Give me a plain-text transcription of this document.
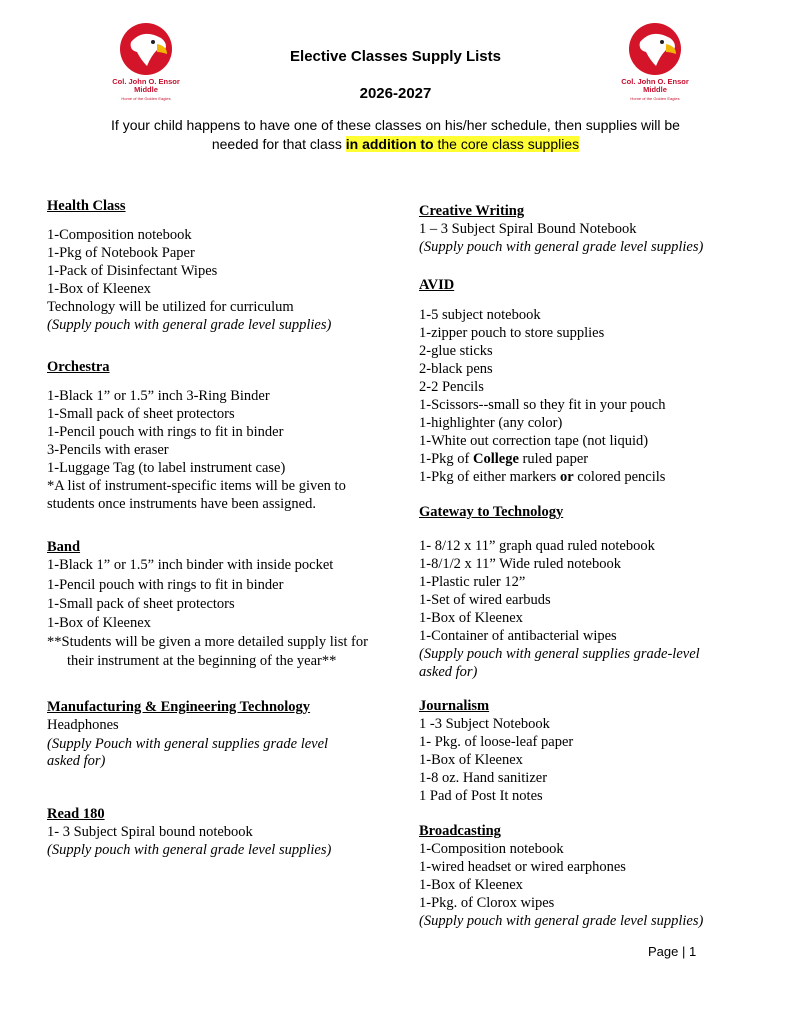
Col. John O. Ensor
Middle
Home of the Golden Eagles
Col. John O. Ensor
Middle
Home of the Golden Eagles
Elective Classes Supply Lists
2026-2027
If your child happens to have one of these classes on his/her schedule, then supplies will be
needed for that class in addition to the core class supplies
Health Class
1-Composition notebook
1-Pkg of Notebook Paper
1-Pack of Disinfectant Wipes
1-Box of Kleenex
Technology will be utilized for curriculum
(Supply pouch with general grade level supplies)
Orchestra
1-Black 1” or 1.5” inch 3-Ring Binder
1-Small pack of sheet protectors
1-Pencil pouch with rings to fit in binder
3-Pencils with eraser
1-Luggage Tag (to label instrument case)
*A list of instrument-specific items will be given to
students once instruments have been assigned.
Band
1-Black 1” or 1.5” inch binder with inside pocket
1-Pencil pouch with rings to fit in binder
1-Small pack of sheet protectors
1-Box of Kleenex
**Students will be given a more detailed supply list for
their instrument at the beginning of the year**
Manufacturing & Engineering Technology
Headphones
(Supply Pouch with general supplies grade level
asked for)
Read 180
1- 3 Subject Spiral bound notebook
(Supply pouch with general grade level supplies)
Creative Writing
1 – 3 Subject Spiral Bound Notebook
(Supply pouch with general grade level supplies)
AVID
1-5 subject notebook
1-zipper pouch to store supplies
2-glue sticks
2-black pens
2-2 Pencils
1-Scissors--small so they fit in your pouch
1-highlighter (any color)
1-White out correction tape (not liquid)
1-Pkg of College ruled paper
1-Pkg of either markers or colored pencils
Gateway to Technology
1- 8/12 x 11” graph quad ruled notebook
1-8/1/2 x 11” Wide ruled notebook
1-Plastic ruler 12”
1-Set of wired earbuds
1-Box of Kleenex
1-Container of antibacterial wipes
(Supply pouch with general supplies grade-level
asked for)
Journalism
1 -3 Subject Notebook
1- Pkg. of loose-leaf paper
1-Box of Kleenex
1-8 oz. Hand sanitizer
1 Pad of Post It notes
Broadcasting
1-Composition notebook
1-wired headset or wired earphones
1-Box of Kleenex
1-Pkg. of Clorox wipes
(Supply pouch with general grade level supplies)
Page | 1
